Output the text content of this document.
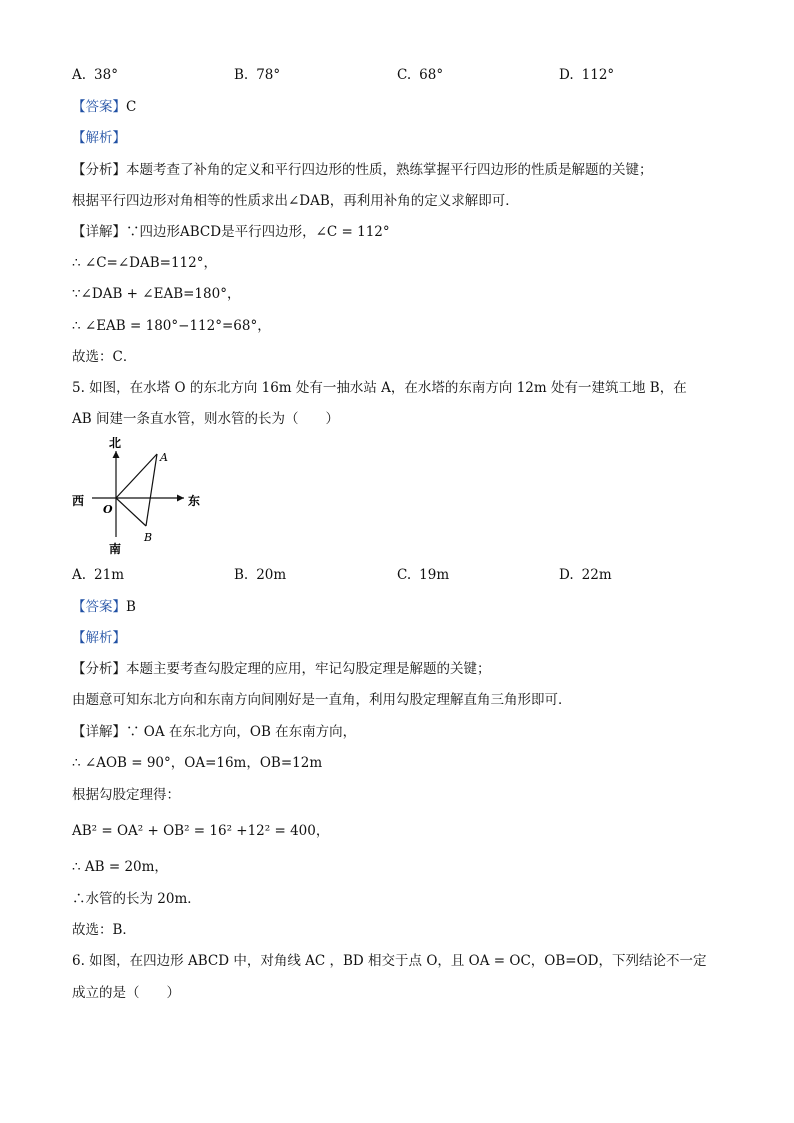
A. 38°	B. 78°	C. 68°	D. 112°
【答案】C
【解析】
【分析】本题考查了补角的定义和平行四边形的性质，熟练掌握平行四边形的性质是解题的关键；
根据平行四边形对角相等的性质求出∠DAB，再利用补角的定义求解即可．
【详解】∵四边形ABCD是平行四边形，∠C = 112°
∴ ∠C=∠DAB=112°，
∵∠DAB + ∠EAB=180°，
∴ ∠EAB = 180°−112°=68°，
故选：C．
5. 如图，在水塔 O 的东北方向 16m 处有一抽水站 A，在水塔的东南方向 12m 处有一建筑工地 B，在
AB 间建一条直水管，则水管的长为（　　）
北
南
西	东
O
A
B
A. 21m	B. 20m	C. 19m	D. 22m
【答案】B
【解析】
【分析】本题主要考查勾股定理的应用，牢记勾股定理是解题的关键；
由题意可知东北方向和东南方向间刚好是一直角，利用勾股定理解直角三角形即可．
【详解】∵ OA 在东北方向，OB 在东南方向，
∴ ∠AOB = 90°，OA=16m，OB=12m
根据勾股定理得：
AB² = OA² + OB² = 16² +12² = 400，
∴ AB = 20m，
∴水管的长为 20m．
故选：B．
6. 如图，在四边形 ABCD 中，对角线 AC ，BD 相交于点 O，且 OA = OC，OB=OD，下列结论不一定
成立的是（　　）
